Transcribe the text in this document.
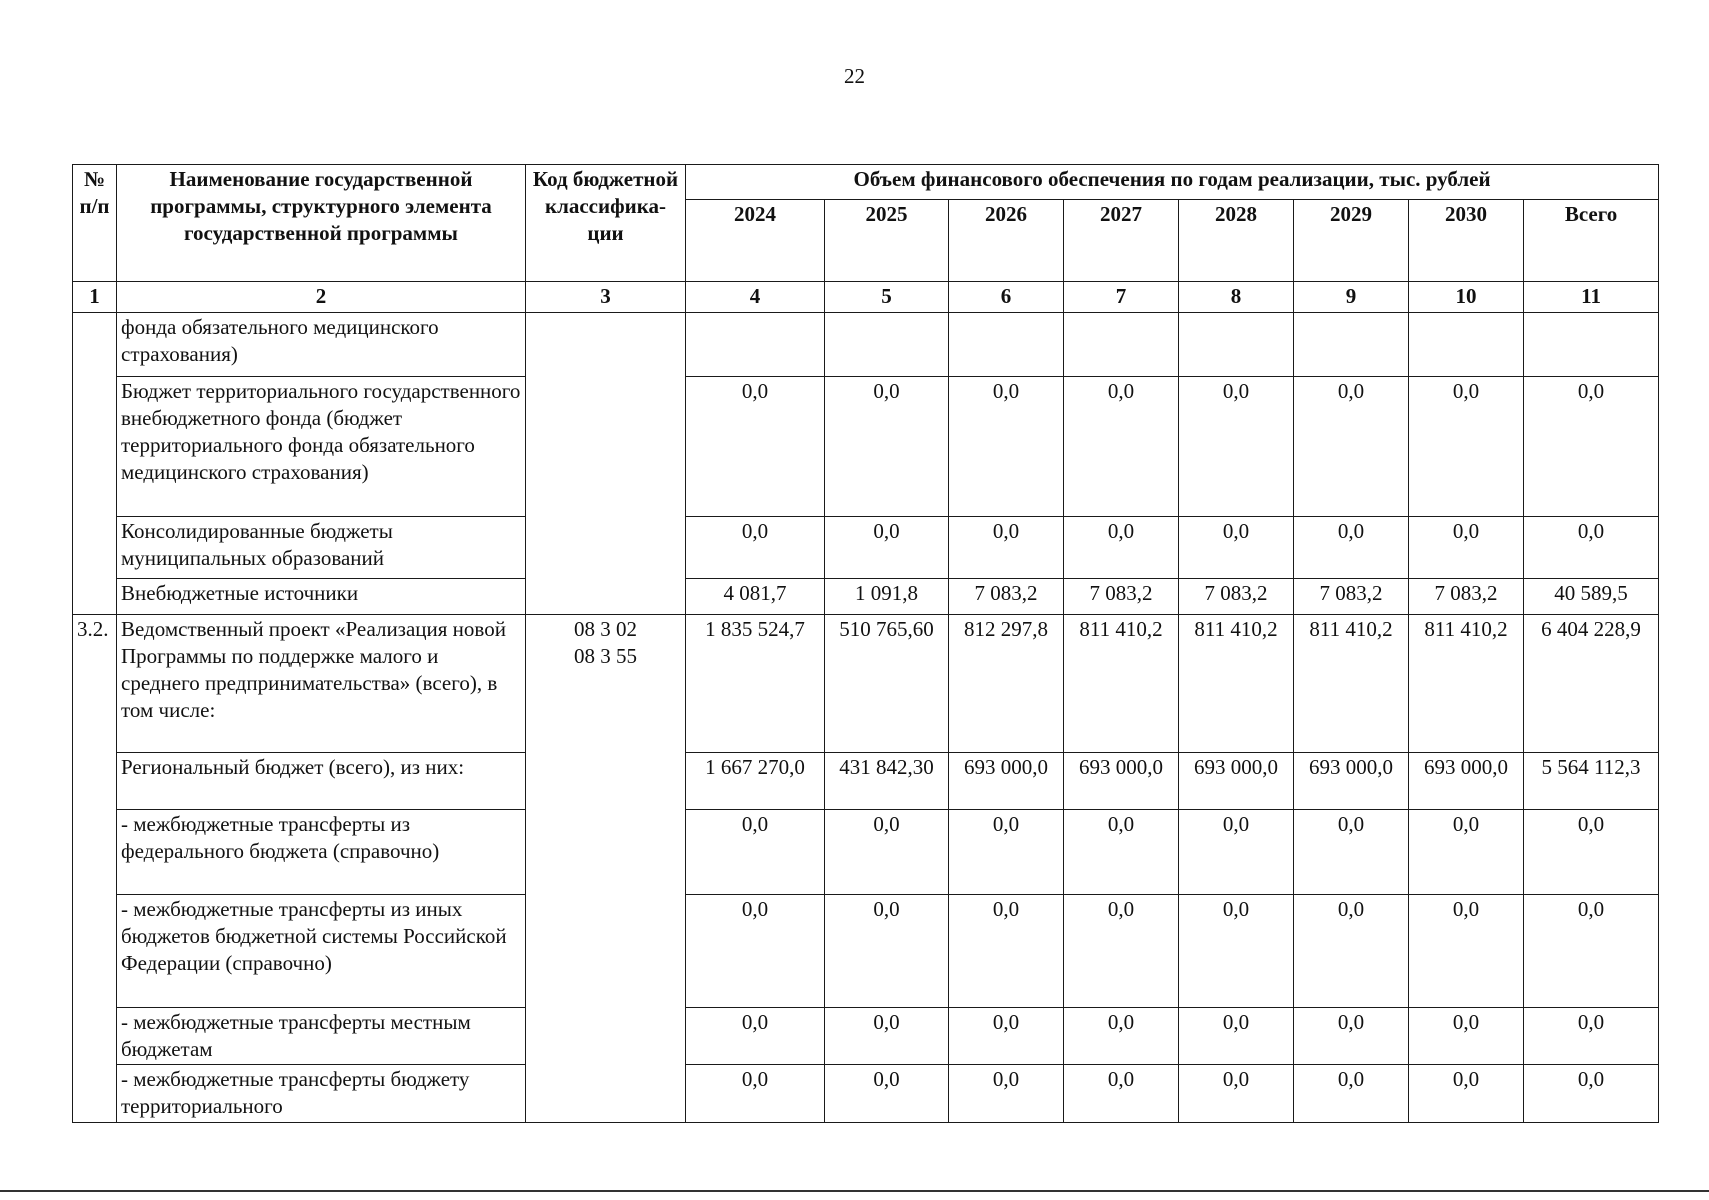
22
№ п/п	Наименование государственной программы, структурного элемента государственной программы	Код бюджетной классифика-ции	Объем финансового обеспечения по годам реализации, тыс. рублей							
			2024	2025	2026	2027	2028	2029	2030	Всего
1	2	3	4	5	6	7	8	9	10	11
	фонда обязательного медицинского страхования)									
	Бюджет территориального государственного внебюджетного фонда (бюджет территориального фонда обязательного медицинского страхования)		0,0	0,0	0,0	0,0	0,0	0,0	0,0	0,0
	Консолидированные бюджеты муниципальных образований		0,0	0,0	0,0	0,0	0,0	0,0	0,0	0,0
	Внебюджетные источники		4 081,7	1 091,8	7 083,2	7 083,2	7 083,2	7 083,2	7 083,2	40 589,5
3.2.	Ведомственный проект «Реализация новой Программы по поддержке малого и среднего предпринимательства» (всего), в том числе:	08 3 02
08 3 55	1 835 524,7	510 765,60	812 297,8	811 410,2	811 410,2	811 410,2	811 410,2	6 404 228,9
	Региональный бюджет (всего), из них:		1 667 270,0	431 842,30	693 000,0	693 000,0	693 000,0	693 000,0	693 000,0	5 564 112,3
	- межбюджетные трансферты из федерального бюджета (справочно)		0,0	0,0	0,0	0,0	0,0	0,0	0,0	0,0
	- межбюджетные трансферты из иных бюджетов бюджетной системы Российской Федерации (справочно)		0,0	0,0	0,0	0,0	0,0	0,0	0,0	0,0
	- межбюджетные трансферты местным бюджетам		0,0	0,0	0,0	0,0	0,0	0,0	0,0	0,0
	- межбюджетные трансферты бюджету территориального		0,0	0,0	0,0	0,0	0,0	0,0	0,0	0,0
